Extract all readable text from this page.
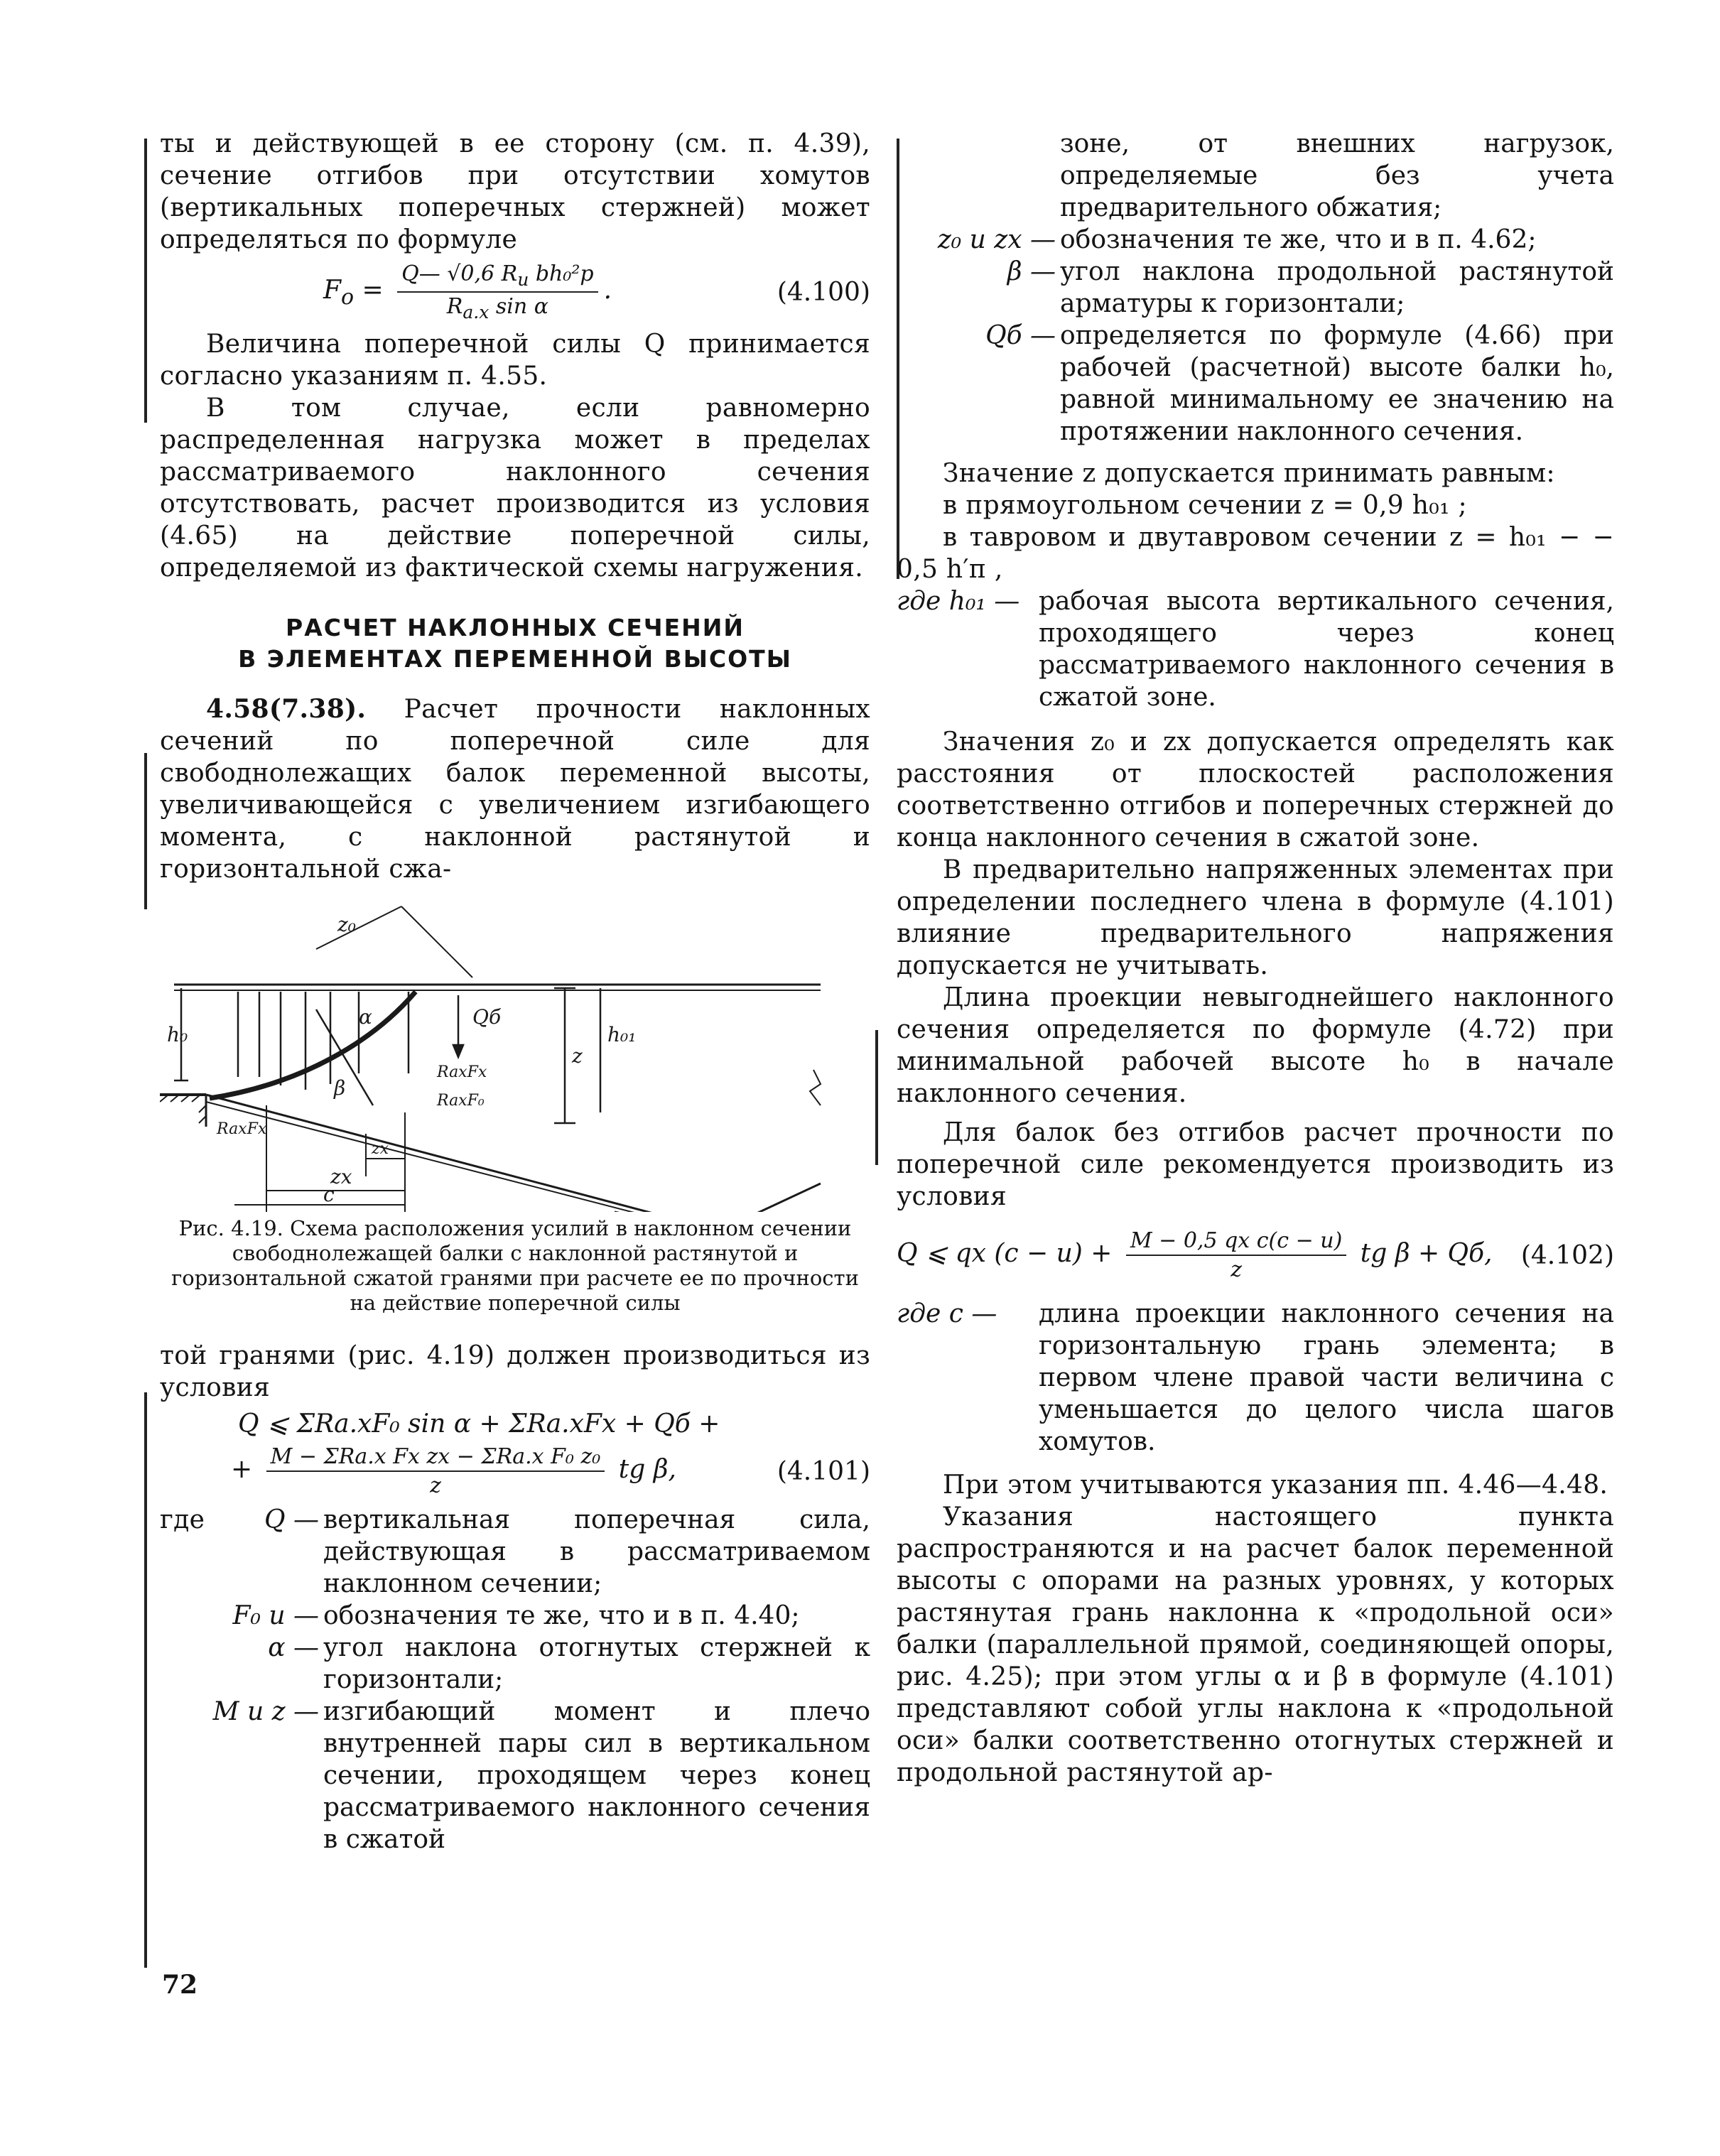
ты и действующей в ее сторону (см. п. 4.39), сечение отгибов при отсутствии хомутов (вертикальных поперечных стержней) может определяться по формуле

$F_о = \frac{Q— √0,6 R_и bh_0^2p}{R_{а.х} \sin \alpha}$ .	(4.100)

Величина поперечной силы Q принимается согласно указаниям п. 4.55.

В том случае, если равномерно распределенная нагрузка может в пределах рассматриваемого наклонного сечения отсутствовать, расчет производится из условия (4.65) на действие поперечной силы, определяемой из фактической схемы нагружения.

РАСЧЕТ НАКЛОННЫХ СЕЧЕНИЙ
В ЭЛЕМЕНТАХ ПЕРЕМЕННОЙ ВЫСОТЫ

4.58(7.38). Расчет прочности наклонных сечений по поперечной силе для свободнолежащих балок переменной высоты, увеличивающейся с увеличением изгибающего момента, с наклонной растянутой и горизонтальной сжа-

z₀
h₀
α	Qб
z
h₀₁
RaxFx
RaxF₀
β
RaxFx
zx
zx
c

Рис. 4.19. Схема расположения усилий в наклонном сечении свободнолежащей балки с наклонной растянутой и горизонтальной сжатой гранями при расчете ее по прочности на действие поперечной силы

той гранями (рис. 4.19) должен производиться из условия

Q ⩽ ΣRа.хF₀ sin α + ΣRа.хFх + Qб +
+ $\frac{\text{M − ΣRа.х Fх zх − ΣRа.х F₀ z₀}}{z}$ tg β,	(4.101)

где	Q — вертикальная поперечная сила, действующая в рассматриваемом наклонном сечении;
F₀ и — обозначения те же, что и в п. 4.40;
α — угол наклона отогнутых стержней к горизонтали;
M и z — изгибающий момент и плечо внутренней пары сил в вертикальном сечении, проходящем через конец рассматриваемого наклонного сечения в сжатой
зоне, от внешних нагрузок, определяемые без учета предварительного обжатия;
z₀ и zх — обозначения те же, что и в п. 4.62;
β — угол наклона продольной растянутой арматуры к горизонтали;
Qб — определяется по формуле (4.66) при рабочей (расчетной) высоте балки h₀, равной минимальному ее значению на протяжении наклонного сечения.

Значение z допускается принимать равным:

в прямоугольном сечении z = 0,9 h₀₁ ;

в тавровом и двутавровом сечении z = h₀₁ − − 0,5 h′п ,

где h₀₁ — рабочая высота вертикального сечения, проходящего через конец рассматриваемого наклонного сечения в сжатой зоне.

Значения z₀ и zх допускается определять как расстояния от плоскостей расположения соответственно отгибов и поперечных стержней до конца наклонного сечения в сжатой зоне.

В предварительно напряженных элементах при определении последнего члена в формуле (4.101) влияние предварительного напряжения допускается не учитывать.

Длина проекции невыгоднейшего наклонного сечения определяется по формуле (4.72) при минимальной рабочей высоте h₀ в начале наклонного сечения.

Для балок без отгибов расчет прочности по поперечной силе рекомендуется производить из условия

Q ⩽ qх $(c - u) + \frac{\text{M − 0,5 qх c(c − u)}}{z}$ tg β + Qб, (4.102)
где c —	длина проекции наклонного сечения на горизонтальную грань элемента; в первом члене правой части величина c уменьшается до целого числа шагов хомутов.

При этом учитываются указания пп. 4.46—4.48.

Указания настоящего пункта распространяются и на расчет балок переменной высоты с опорами на разных уровнях, у которых растянутая грань наклонна к «продольной оси» балки (параллельной прямой, соединяющей опоры, рис. 4.25); при этом углы α и β в формуле (4.101) представляют собой углы наклона к «продольной оси» балки соответственно отогнутых стержней и продольной растянутой ар-

72
